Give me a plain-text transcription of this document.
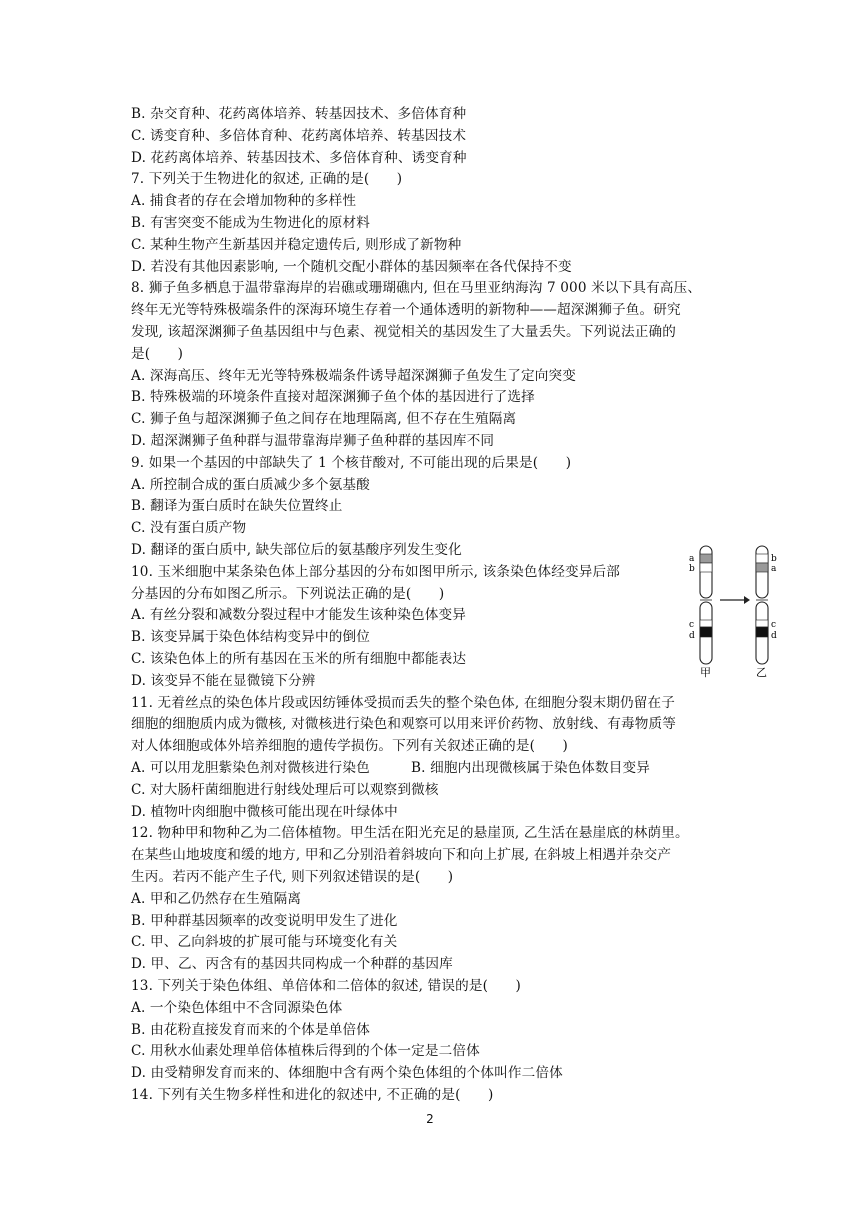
B. 杂交育种、花药离体培养、转基因技术、多倍体育种
C. 诱变育种、多倍体育种、花药离体培养、转基因技术
D. 花药离体培养、转基因技术、多倍体育种、诱变育种
7. 下列关于生物进化的叙述, 正确的是(　　)
A. 捕食者的存在会增加物种的多样性
B. 有害突变不能成为生物进化的原材料
C. 某种生物产生新基因并稳定遗传后, 则形成了新物种
D. 若没有其他因素影响, 一个随机交配小群体的基因频率在各代保持不变
8. 狮子鱼多栖息于温带靠海岸的岩礁或珊瑚礁内, 但在马里亚纳海沟 7 000 米以下具有高压、
终年无光等特殊极端条件的深海环境生存着一个通体透明的新物种——超深渊狮子鱼。研究
发现, 该超深渊狮子鱼基因组中与色素、视觉相关的基因发生了大量丢失。下列说法正确的
是(　　)
A. 深海高压、终年无光等特殊极端条件诱导超深渊狮子鱼发生了定向突变
B. 特殊极端的环境条件直接对超深渊狮子鱼个体的基因进行了选择
C. 狮子鱼与超深渊狮子鱼之间存在地理隔离, 但不存在生殖隔离
D. 超深渊狮子鱼种群与温带靠海岸狮子鱼种群的基因库不同
9. 如果一个基因的中部缺失了 1 个核苷酸对, 不可能出现的后果是(　　)
A. 所控制合成的蛋白质减少多个氨基酸
B. 翻译为蛋白质时在缺失位置终止
C. 没有蛋白质产物
D. 翻译的蛋白质中, 缺失部位后的氨基酸序列发生变化
10. 玉米细胞中某条染色体上部分基因的分布如图甲所示, 该条染色体经变异后部
分基因的分布如图乙所示。下列说法正确的是(　　)
A. 有丝分裂和减数分裂过程中才能发生该种染色体变异
B. 该变异属于染色体结构变异中的倒位
C. 该染色体上的所有基因在玉米的所有细胞中都能表达
D. 该变异不能在显微镜下分辨
11. 无着丝点的染色体片段或因纺锤体受损而丢失的整个染色体, 在细胞分裂末期仍留在子
细胞的细胞质内成为微核, 对微核进行染色和观察可以用来评价药物、放射线、有毒物质等
对人体细胞或体外培养细胞的遗传学损伤。下列有关叙述正确的是(　　)
A. 可以用龙胆紫染色剂对微核进行染色　　　B. 细胞内出现微核属于染色体数目变异
C. 对大肠杆菌细胞进行射线处理后可以观察到微核
D. 植物叶肉细胞中微核可能出现在叶绿体中
12. 物种甲和物种乙为二倍体植物。甲生活在阳光充足的悬崖顶, 乙生活在悬崖底的林荫里。
在某些山地坡度和缓的地方, 甲和乙分别沿着斜坡向下和向上扩展, 在斜坡上相遇并杂交产
生丙。若丙不能产生子代, 则下列叙述错误的是(　　)
A. 甲和乙仍然存在生殖隔离
B. 甲种群基因频率的改变说明甲发生了进化
C. 甲、乙向斜坡的扩展可能与环境变化有关
D. 甲、乙、丙含有的基因共同构成一个种群的基因库
13. 下列关于染色体组、单倍体和二倍体的叙述, 错误的是(　　)
A. 一个染色体组中不含同源染色体
B. 由花粉直接发育而来的个体是单倍体
C. 用秋水仙素处理单倍体植株后得到的个体一定是二倍体
D. 由受精卵发育而来的、体细胞中含有两个染色体组的个体叫作二倍体
14. 下列有关生物多样性和进化的叙述中, 不正确的是(　　)
a
b
c
d
b
a
c
d
甲	乙
2
